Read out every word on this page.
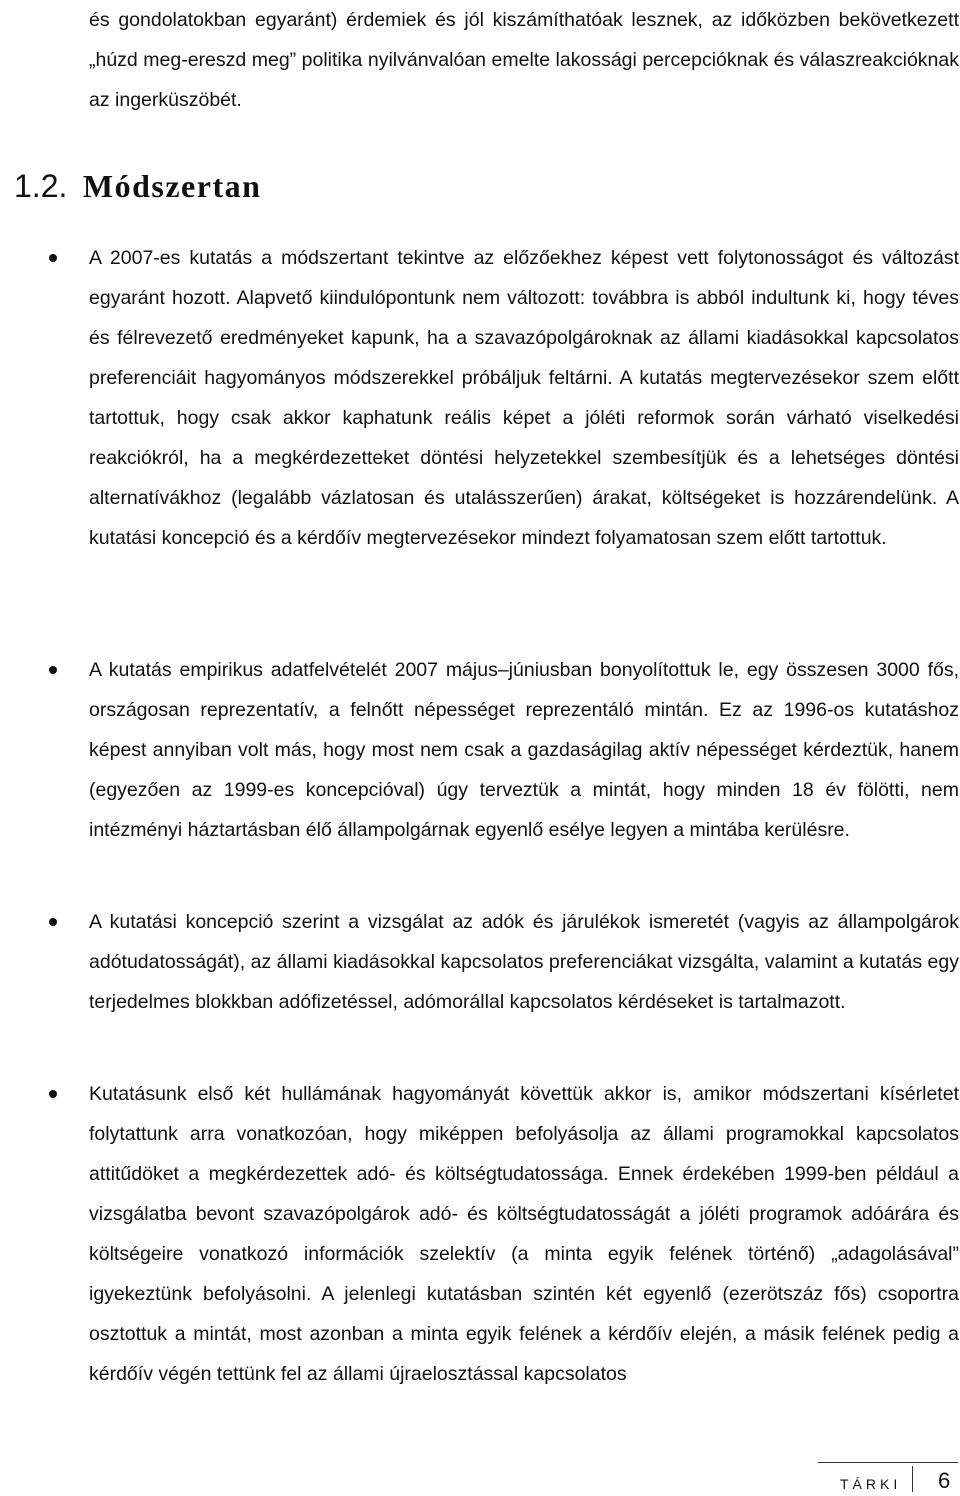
és gondolatokban egyaránt) érdemiek és jól kiszámíthatóak lesznek, az időközben bekövetkezett „húzd meg-ereszd meg” politika nyilvánvalóan emelte lakossági percepcióknak és válaszreakcióknak az ingerküszöbét.

1.2. Módszertan

A 2007-es kutatás a módszertant tekintve az előzőekhez képest vett folytonosságot és változást egyaránt hozott. Alapvető kiindulópontunk nem változott: továbbra is abból indultunk ki, hogy téves és félrevezető eredményeket kapunk, ha a szavazópolgároknak az állami kiadásokkal kapcsolatos preferenciáit hagyományos módszerekkel próbáljuk feltárni. A kutatás megtervezésekor szem előtt tartottuk, hogy csak akkor kaphatunk reális képet a jóléti reformok során várható viselkedési reakciókról, ha a megkérdezetteket döntési helyzetekkel szembesítjük és a lehetséges döntési alternatívákhoz (legalább vázlatosan és utalásszerűen) árakat, költségeket is hozzárendelünk. A kutatási koncepció és a kérdőív megtervezésekor mindezt folyamatosan szem előtt tartottuk.

A kutatás empirikus adatfelvételét 2007 május–júniusban bonyolítottuk le, egy összesen 3000 fős, országosan reprezentatív, a felnőtt népességet reprezentáló mintán. Ez az 1996-os kutatáshoz képest annyiban volt más, hogy most nem csak a gazdaságilag aktív népességet kérdeztük, hanem (egyezően az 1999-es koncepcióval) úgy terveztük a mintát, hogy minden 18 év fölötti, nem intézményi háztartásban élő állampolgárnak egyenlő esélye legyen a mintába kerülésre.

A kutatási koncepció szerint a vizsgálat az adók és járulékok ismeretét (vagyis az állampolgárok adótudatosságát), az állami kiadásokkal kapcsolatos preferenciákat vizsgálta, valamint a kutatás egy terjedelmes blokkban adófizetéssel, adómorállal kapcsolatos kérdéseket is tartalmazott.

Kutatásunk első két hullámának hagyományát követtük akkor is, amikor módszertani kísérletet folytattunk arra vonatkozóan, hogy miképpen befolyásolja az állami programokkal kapcsolatos attitűdöket a megkérdezettek adó- és költségtudatossága. Ennek érdekében 1999-ben például a vizsgálatba bevont szavazópolgárok adó- és költségtudatosságát a jóléti programok adóárára és költségeire vonatkozó információk szelektív (a minta egyik felének történő) „adagolásával” igyekeztünk befolyásolni. A jelenlegi kutatásban szintén két egyenlő (ezerötszáz fős) csoportra osztottuk a mintát, most azonban a minta egyik felének a kérdőív elején, a másik felének pedig a kérdőív végén tettünk fel az állami újraelosztással kapcsolatos

TÁRKI 6
